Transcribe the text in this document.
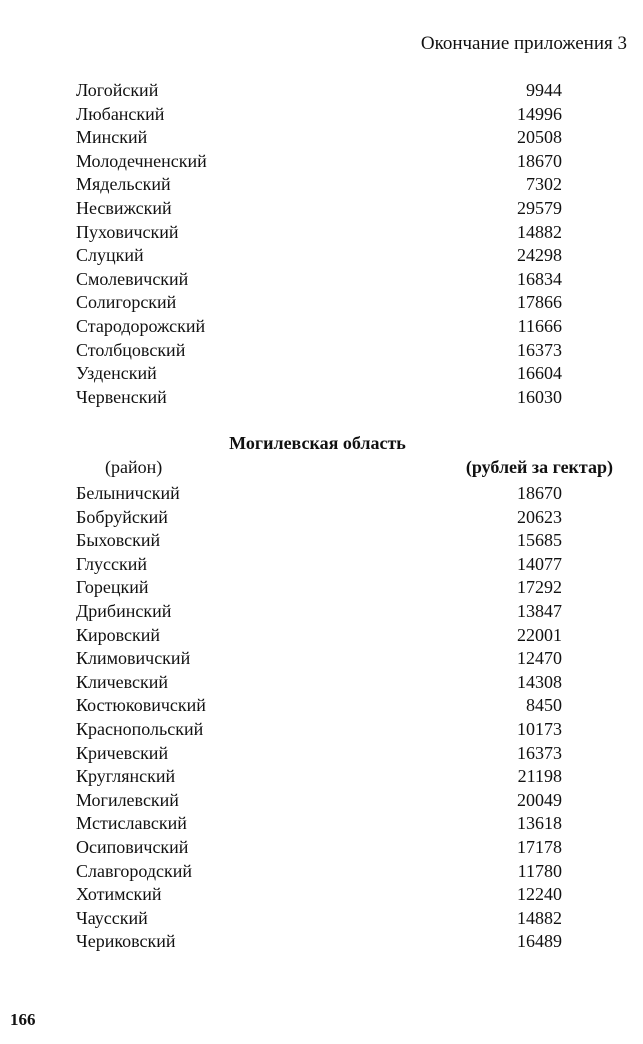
Окончание приложения 3
Логойский	9944
Любанский	14996
Минский	20508
Молодечненский	18670
Мядельский	7302
Несвижский	29579
Пуховичский	14882
Слуцкий	24298
Смолевичский	16834
Солигорский	17866
Стародорожский	11666
Столбцовский	16373
Узденский	16604
Червенский	16030
Могилевская область
(район)	(рублей за гектар)
Белыничский	18670
Бобруйский	20623
Быховский	15685
Глусский	14077
Горецкий	17292
Дрибинский	13847
Кировский	22001
Климовичский	12470
Кличевский	14308
Костюковичский	8450
Краснопольский	10173
Кричевский	16373
Круглянский	21198
Могилевский	20049
Мстиславский	13618
Осиповичский	17178
Славгородский	11780
Хотимский	12240
Чаусский	14882
Чериковский	16489
166
